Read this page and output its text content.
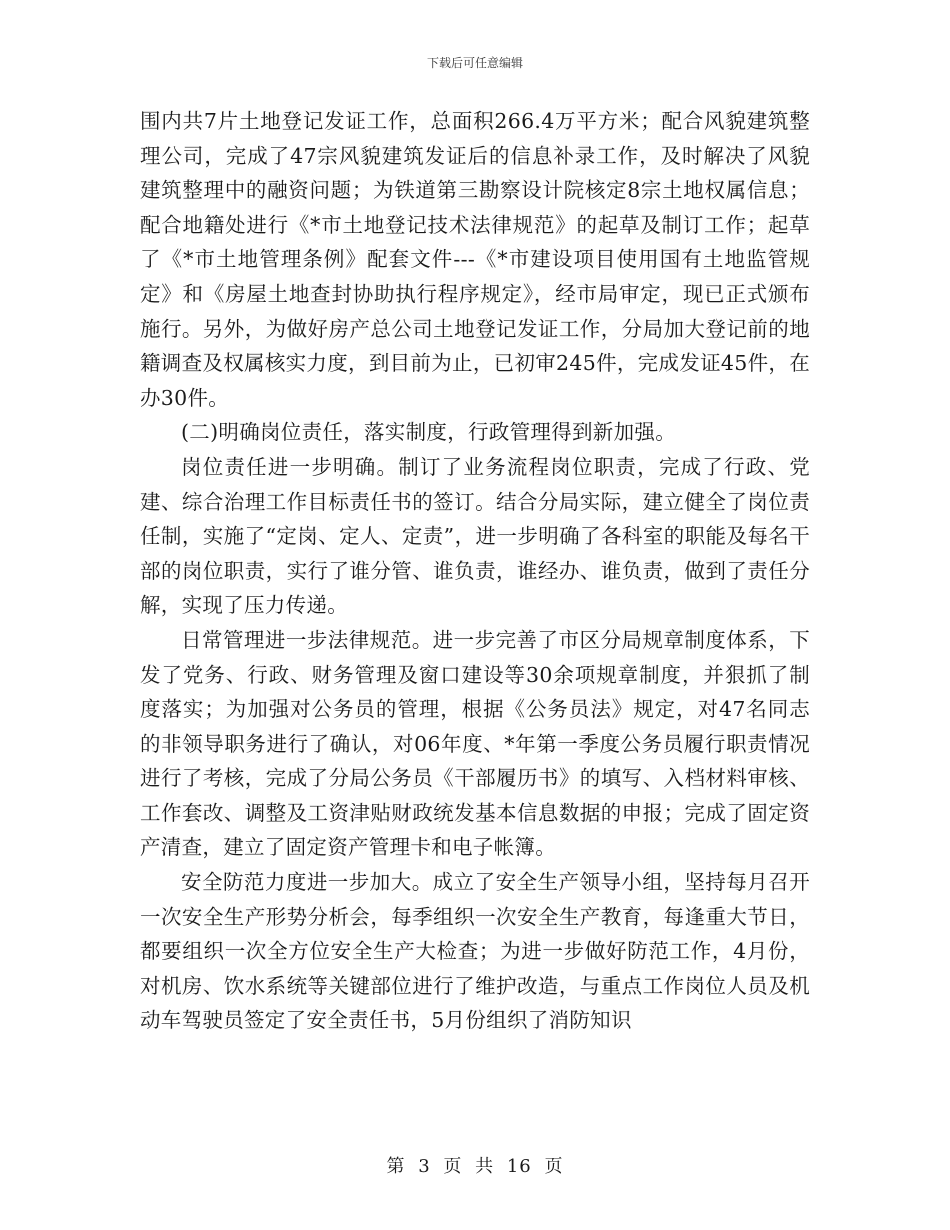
下载后可任意编辑

围内共7片土地登记发证工作，总面积266.4万平方米；配合风貌建筑整理公司，完成了47宗风貌建筑发证后的信息补录工作，及时解决了风貌建筑整理中的融资问题；为铁道第三勘察设计院核定8宗土地权属信息；配合地籍处进行《*市土地登记技术法律规范》的起草及制订工作；起草了《*市土地管理条例》配套文件---《*市建设项目使用国有土地监管规定》和《房屋土地查封协助执行程序规定》，经市局审定，现已正式颁布施行。另外，为做好房产总公司土地登记发证工作，分局加大登记前的地籍调查及权属核实力度，到目前为止，已初审245件，完成发证45件，在办30件。

(二)明确岗位责任，落实制度，行政管理得到新加强。

岗位责任进一步明确。制订了业务流程岗位职责，完成了行政、党建、综合治理工作目标责任书的签订。结合分局实际，建立健全了岗位责任制，实施了“定岗、定人、定责”，进一步明确了各科室的职能及每名干部的岗位职责，实行了谁分管、谁负责，谁经办、谁负责，做到了责任分解，实现了压力传递。

日常管理进一步法律规范。进一步完善了市区分局规章制度体系，下发了党务、行政、财务管理及窗口建设等30余项规章制度，并狠抓了制度落实；为加强对公务员的管理，根据《公务员法》规定，对47名同志的非领导职务进行了确认，对06年度、*年第一季度公务员履行职责情况进行了考核，完成了分局公务员《干部履历书》的填写、入档材料审核、工作套改、调整及工资津贴财政统发基本信息数据的申报；完成了固定资产清查，建立了固定资产管理卡和电子帐簿。

安全防范力度进一步加大。成立了安全生产领导小组，坚持每月召开一次安全生产形势分析会，每季组织一次安全生产教育，每逢重大节日，都要组织一次全方位安全生产大检查；为进一步做好防范工作，4月份，对机房、饮水系统等关键部位进行了维护改造，与重点工作岗位人员及机动车驾驶员签定了安全责任书，5月份组织了消防知识

第 3 页 共 16 页
